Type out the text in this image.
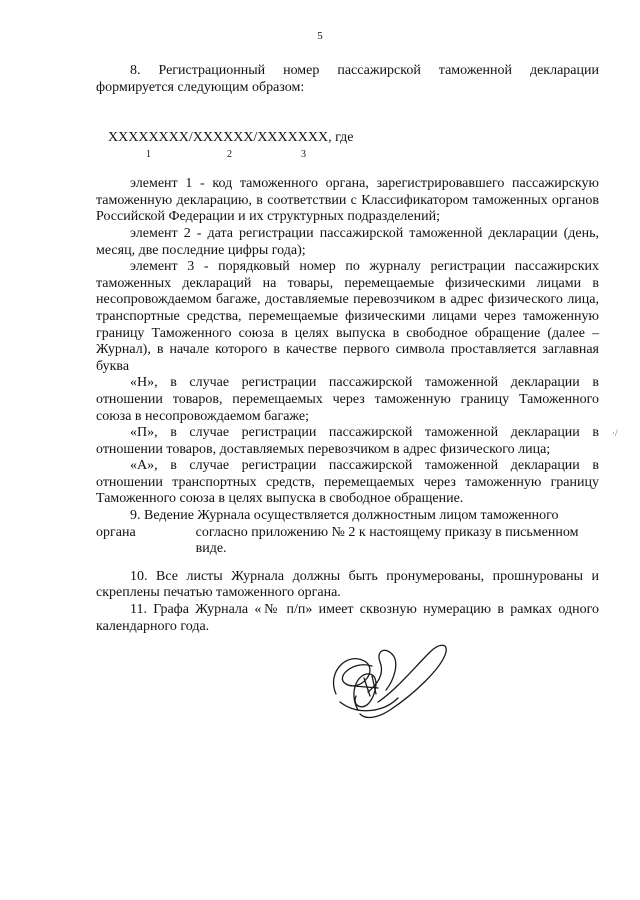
5

8. Регистрационный номер пассажирской таможенной декларации формируется следующим образом:

XXXXXXXX/XXXXXX/XXXXXXX, где
1	2	3

элемент 1 - код таможенного органа, зарегистрировавшего пассажирскую таможенную декларацию, в соответствии с Классификатором таможенных органов Российской Федерации и их структурных подразделений;

элемент 2 - дата регистрации пассажирской таможенной декларации (день, месяц, две последние цифры года);

элемент 3 - порядковый номер по журналу регистрации пассажирских таможенных деклараций на товары, перемещаемые физическими лицами в несопровождаемом багаже, доставляемые перевозчиком в адрес физического лица, транспортные средства, перемещаемые физическими лицами через таможенную границу Таможенного союза в целях выпуска в свободное обращение (далее – Журнал), в начале которого в качестве первого символа проставляется заглавная буква

«Н», в случае регистрации пассажирской таможенной декларации в отношении товаров, перемещаемых через таможенную границу Таможенного союза в несопровождаемом багаже;

«П», в случае регистрации пассажирской таможенной декларации в отношении товаров, доставляемых перевозчиком в адрес физического лица;

«А», в случае регистрации пассажирской таможенной декларации в отношении транспортных средств, перемещаемых через таможенную границу Таможенного союза в целях выпуска в свободное обращение.

9. Ведение Журнала осуществляется должностным лицом таможенного

органа	согласно приложению № 2 к настоящему приказу в письменном виде.

10. Все листы Журнала должны быть пронумерованы, прошнурованы и скреплены печатью таможенного органа.

11. Графа Журнала «№ п/п» имеет сквозную нумерацию в рамках одного календарного года.

·/
